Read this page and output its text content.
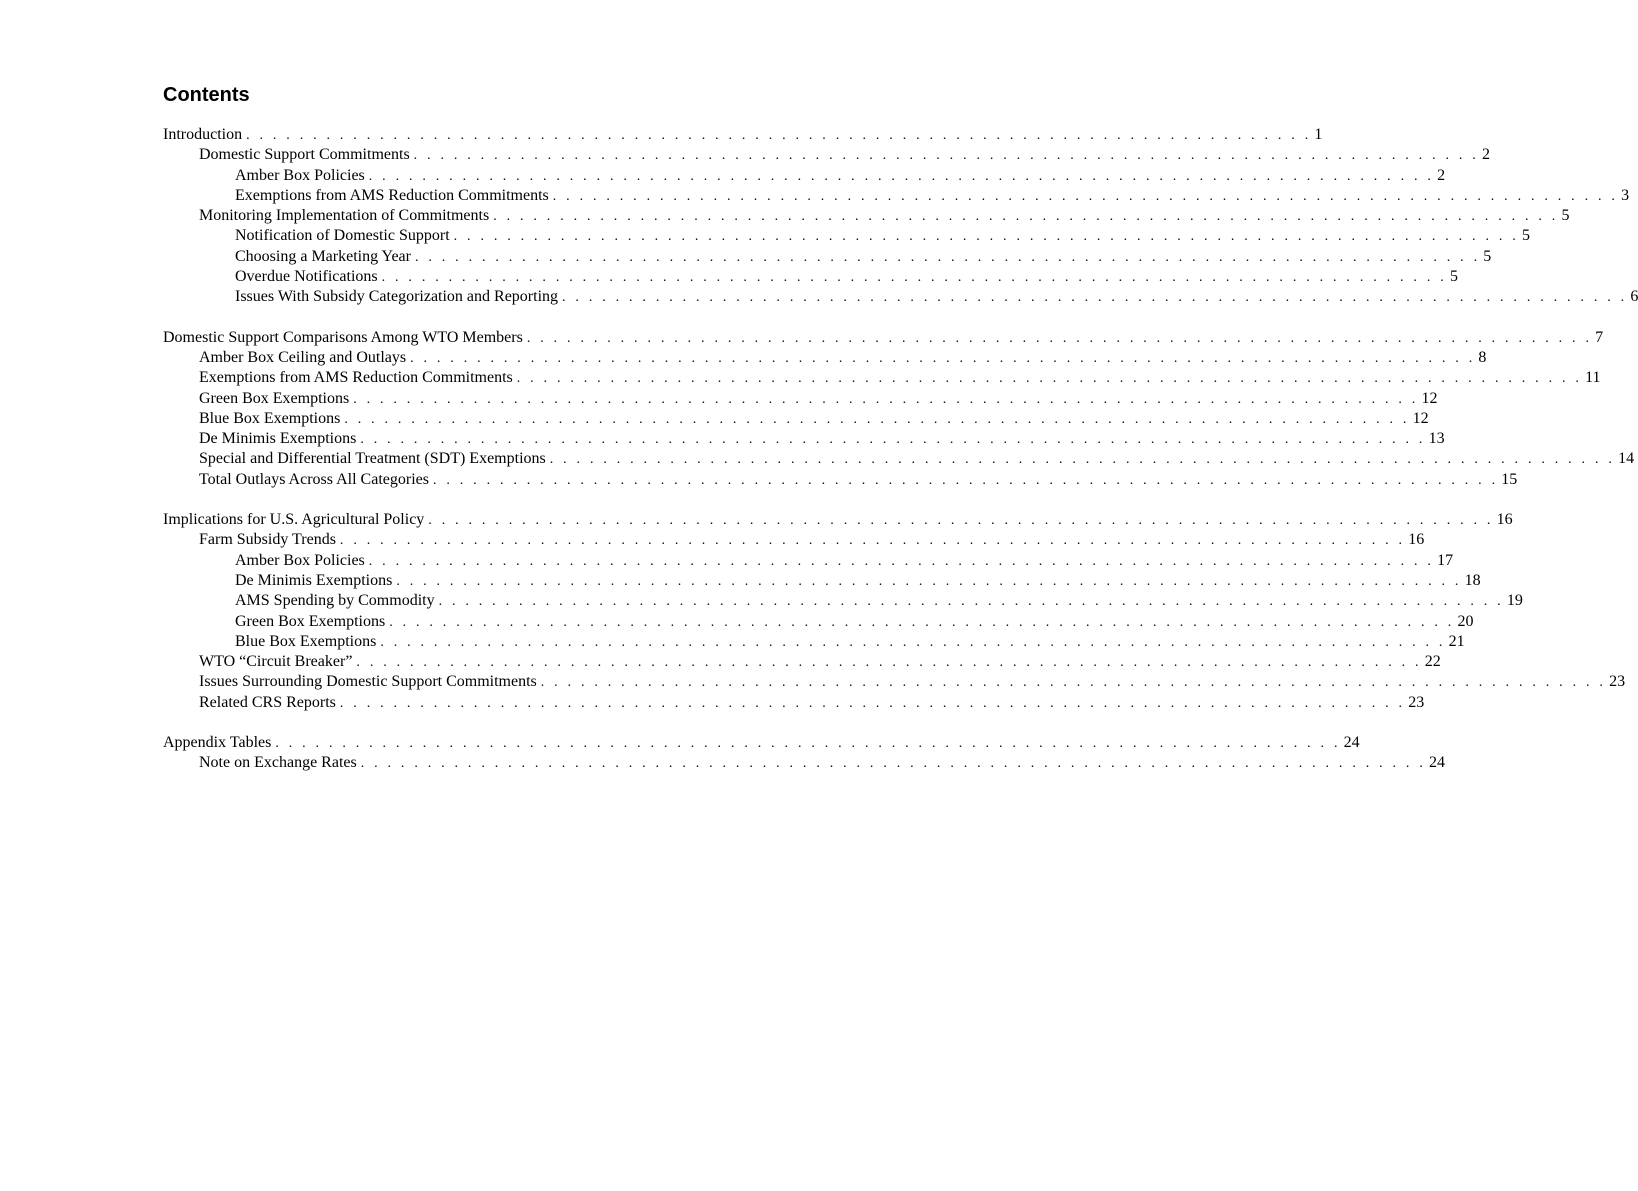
Contents
Introduction . . . . . . . . . . . . . . . . . . . . . . . . . . . . . . . . . . . . . . . . . . . . . . . . . . . . . . . . . . . . . . . . . . . . . . . . . . . . . . . . 1
Domestic Support Commitments . . . . . . . . . . . . . . . . . . . . . . . . . . . . . . . . . . . . . . . . . . . . . . . . . . . . . . . . . . . . . . . . . . . . . . . . . . . . . . . . 2
Amber Box Policies . . . . . . . . . . . . . . . . . . . . . . . . . . . . . . . . . . . . . . . . . . . . . . . . . . . . . . . . . . . . . . . . . . . . . . . . . . . . . . . . 2
Exemptions from AMS Reduction Commitments . . . . . . . . . . . . . . . . . . . . . . . . . . . . . . . . . . . . . . . . . . . . . . . . . . . . . . . . . . . . . . . . . . . . . . . . . . . . . . . . 3
Monitoring Implementation of Commitments . . . . . . . . . . . . . . . . . . . . . . . . . . . . . . . . . . . . . . . . . . . . . . . . . . . . . . . . . . . . . . . . . . . . . . . . . . . . . . . . 5
Notification of Domestic Support . . . . . . . . . . . . . . . . . . . . . . . . . . . . . . . . . . . . . . . . . . . . . . . . . . . . . . . . . . . . . . . . . . . . . . . . . . . . . . . . 5
Choosing a Marketing Year . . . . . . . . . . . . . . . . . . . . . . . . . . . . . . . . . . . . . . . . . . . . . . . . . . . . . . . . . . . . . . . . . . . . . . . . . . . . . . . . 5
Overdue Notifications . . . . . . . . . . . . . . . . . . . . . . . . . . . . . . . . . . . . . . . . . . . . . . . . . . . . . . . . . . . . . . . . . . . . . . . . . . . . . . . . 5
Issues With Subsidy Categorization and Reporting . . . . . . . . . . . . . . . . . . . . . . . . . . . . . . . . . . . . . . . . . . . . . . . . . . . . . . . . . . . . . . . . . . . . . . . . . . . . . . . . 6
Domestic Support Comparisons Among WTO Members . . . . . . . . . . . . . . . . . . . . . . . . . . . . . . . . . . . . . . . . . . . . . . . . . . . . . . . . . . . . . . . . . . . . . . . . . . . . . . . . 7
Amber Box Ceiling and Outlays . . . . . . . . . . . . . . . . . . . . . . . . . . . . . . . . . . . . . . . . . . . . . . . . . . . . . . . . . . . . . . . . . . . . . . . . . . . . . . . . 8
Exemptions from AMS Reduction Commitments . . . . . . . . . . . . . . . . . . . . . . . . . . . . . . . . . . . . . . . . . . . . . . . . . . . . . . . . . . . . . . . . . . . . . . . . . . . . . . . . 11
Green Box Exemptions . . . . . . . . . . . . . . . . . . . . . . . . . . . . . . . . . . . . . . . . . . . . . . . . . . . . . . . . . . . . . . . . . . . . . . . . . . . . . . . . 12
Blue Box Exemptions . . . . . . . . . . . . . . . . . . . . . . . . . . . . . . . . . . . . . . . . . . . . . . . . . . . . . . . . . . . . . . . . . . . . . . . . . . . . . . . . 12
De Minimis Exemptions . . . . . . . . . . . . . . . . . . . . . . . . . . . . . . . . . . . . . . . . . . . . . . . . . . . . . . . . . . . . . . . . . . . . . . . . . . . . . . . . 13
Special and Differential Treatment (SDT) Exemptions . . . . . . . . . . . . . . . . . . . . . . . . . . . . . . . . . . . . . . . . . . . . . . . . . . . . . . . . . . . . . . . . . . . . . . . . . . . . . . . . 14
Total Outlays Across All Categories . . . . . . . . . . . . . . . . . . . . . . . . . . . . . . . . . . . . . . . . . . . . . . . . . . . . . . . . . . . . . . . . . . . . . . . . . . . . . . . . 15
Implications for U.S. Agricultural Policy . . . . . . . . . . . . . . . . . . . . . . . . . . . . . . . . . . . . . . . . . . . . . . . . . . . . . . . . . . . . . . . . . . . . . . . . . . . . . . . . 16
Farm Subsidy Trends . . . . . . . . . . . . . . . . . . . . . . . . . . . . . . . . . . . . . . . . . . . . . . . . . . . . . . . . . . . . . . . . . . . . . . . . . . . . . . . . 16
Amber Box Policies . . . . . . . . . . . . . . . . . . . . . . . . . . . . . . . . . . . . . . . . . . . . . . . . . . . . . . . . . . . . . . . . . . . . . . . . . . . . . . . . 17
De Minimis Exemptions . . . . . . . . . . . . . . . . . . . . . . . . . . . . . . . . . . . . . . . . . . . . . . . . . . . . . . . . . . . . . . . . . . . . . . . . . . . . . . . . 18
AMS Spending by Commodity . . . . . . . . . . . . . . . . . . . . . . . . . . . . . . . . . . . . . . . . . . . . . . . . . . . . . . . . . . . . . . . . . . . . . . . . . . . . . . . . 19
Green Box Exemptions . . . . . . . . . . . . . . . . . . . . . . . . . . . . . . . . . . . . . . . . . . . . . . . . . . . . . . . . . . . . . . . . . . . . . . . . . . . . . . . . 20
Blue Box Exemptions . . . . . . . . . . . . . . . . . . . . . . . . . . . . . . . . . . . . . . . . . . . . . . . . . . . . . . . . . . . . . . . . . . . . . . . . . . . . . . . . 21
WTO “Circuit Breaker” . . . . . . . . . . . . . . . . . . . . . . . . . . . . . . . . . . . . . . . . . . . . . . . . . . . . . . . . . . . . . . . . . . . . . . . . . . . . . . . . 22
Issues Surrounding Domestic Support Commitments . . . . . . . . . . . . . . . . . . . . . . . . . . . . . . . . . . . . . . . . . . . . . . . . . . . . . . . . . . . . . . . . . . . . . . . . . . . . . . . . 23
Related CRS Reports . . . . . . . . . . . . . . . . . . . . . . . . . . . . . . . . . . . . . . . . . . . . . . . . . . . . . . . . . . . . . . . . . . . . . . . . . . . . . . . . 23
Appendix Tables . . . . . . . . . . . . . . . . . . . . . . . . . . . . . . . . . . . . . . . . . . . . . . . . . . . . . . . . . . . . . . . . . . . . . . . . . . . . . . . . 24
Note on Exchange Rates . . . . . . . . . . . . . . . . . . . . . . . . . . . . . . . . . . . . . . . . . . . . . . . . . . . . . . . . . . . . . . . . . . . . . . . . . . . . . . . . 24
